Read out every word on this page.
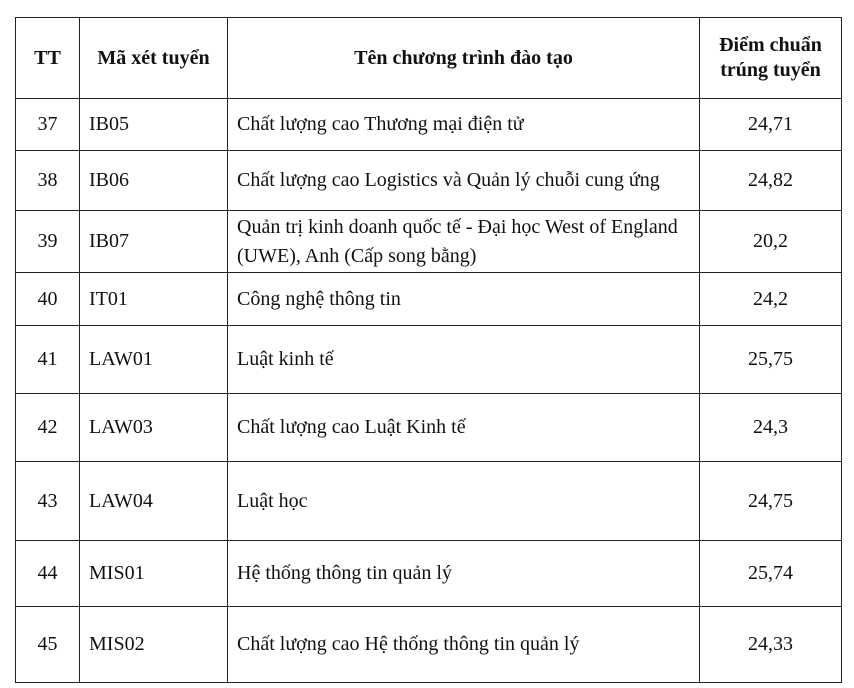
TT	Mã xét tuyển	Tên chương trình đào tạo	Điểm chuẩn trúng tuyển
37	IB05	Chất lượng cao Thương mại điện tử	24,71
38	IB06	Chất lượng cao Logistics và Quản lý chuỗi cung ứng	24,82
39	IB07	Quản trị kinh doanh quốc tế - Đại học West of England (UWE), Anh (Cấp song bằng)	20,2
40	IT01	Công nghệ thông tin	24,2
41	LAW01	Luật kinh tế	25,75
42	LAW03	Chất lượng cao Luật Kinh tế	24,3
43	LAW04	Luật học	24,75
44	MIS01	Hệ thống thông tin quản lý	25,74
45	MIS02	Chất lượng cao Hệ thống thông tin quản lý	24,33
